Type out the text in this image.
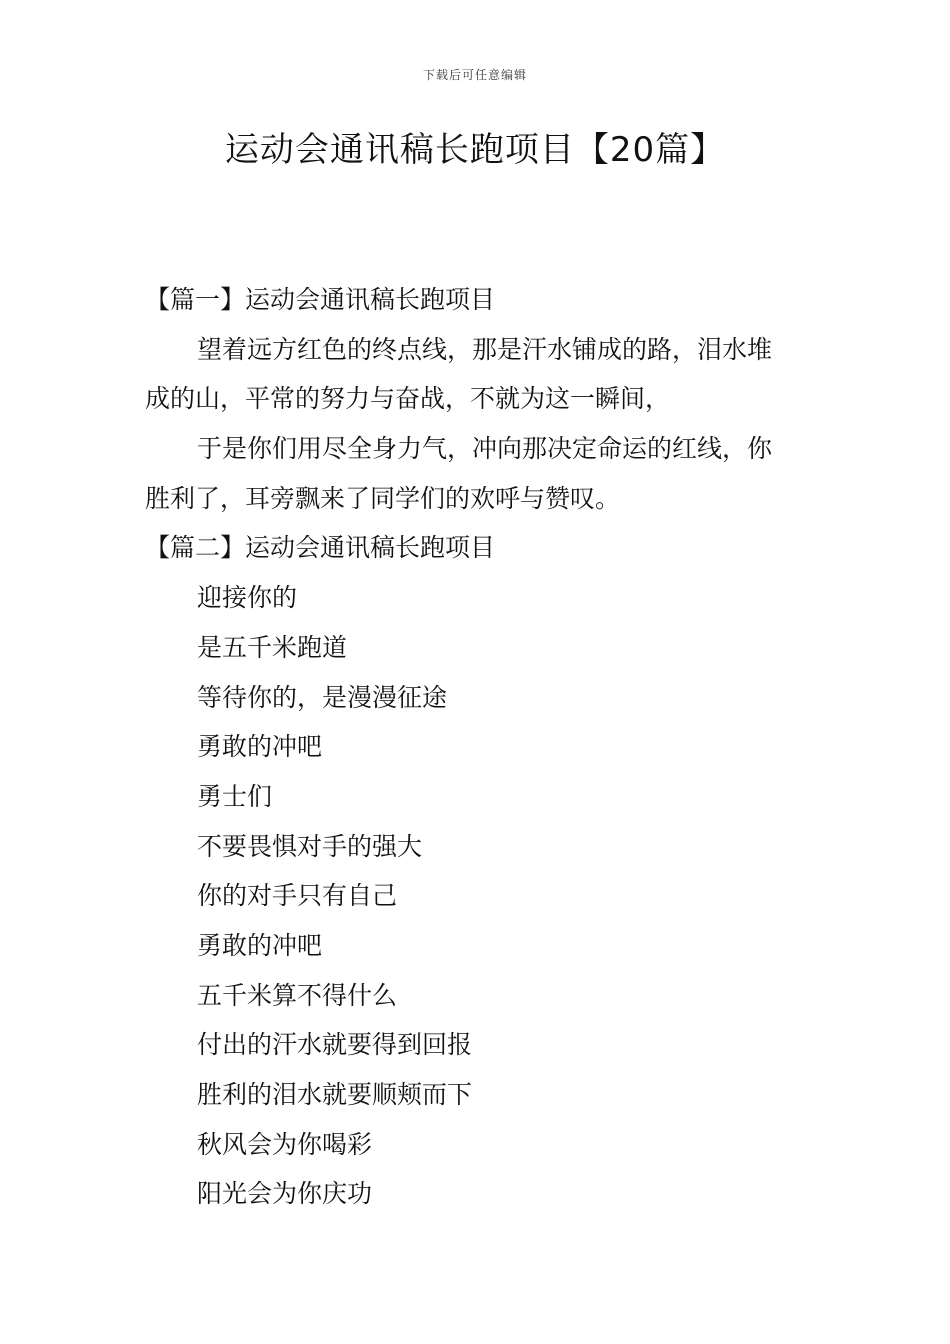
下载后可任意编辑
运动会通讯稿长跑项目【20篇】
【篇一】运动会通讯稿长跑项目
望着远方红色的终点线，那是汗水铺成的路，泪水堆
成的山，平常的努力与奋战，不就为这一瞬间，
于是你们用尽全身力气，冲向那决定命运的红线，你
胜利了，耳旁飘来了同学们的欢呼与赞叹。
【篇二】运动会通讯稿长跑项目
迎接你的
是五千米跑道
等待你的，是漫漫征途
勇敢的冲吧
勇士们
不要畏惧对手的强大
你的对手只有自己
勇敢的冲吧
五千米算不得什么
付出的汗水就要得到回报
胜利的泪水就要顺颊而下
秋风会为你喝彩
阳光会为你庆功
